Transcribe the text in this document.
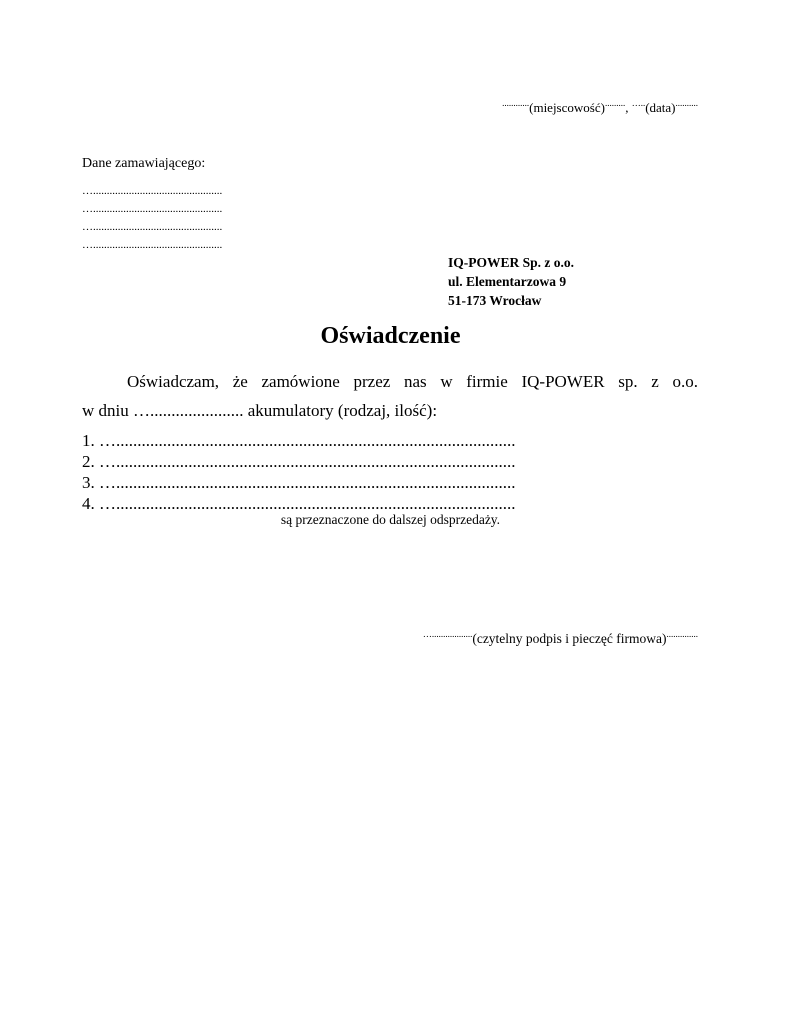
............(miejscowość)........., …..(data)..........
Dane zamawiającego:
…...............................................
…...............................................
…...............................................
…...............................................
IQ-POWER Sp. z o.o.
ul. Elementarzowa 9
51-173 Wrocław
Oświadczenie
Oświadczam, że zamówione przez nas w firmie IQ-POWER sp. z o.o.
w dniu …...................... akumulatory (rodzaj, ilość):
1. …..............................................................................................
2. …..............................................................................................
3. …..............................................................................................
4. …..............................................................................................
są przeznaczone do dalszej odsprzedaży.
…..................(czytelny podpis i pieczęć firmowa)..............
